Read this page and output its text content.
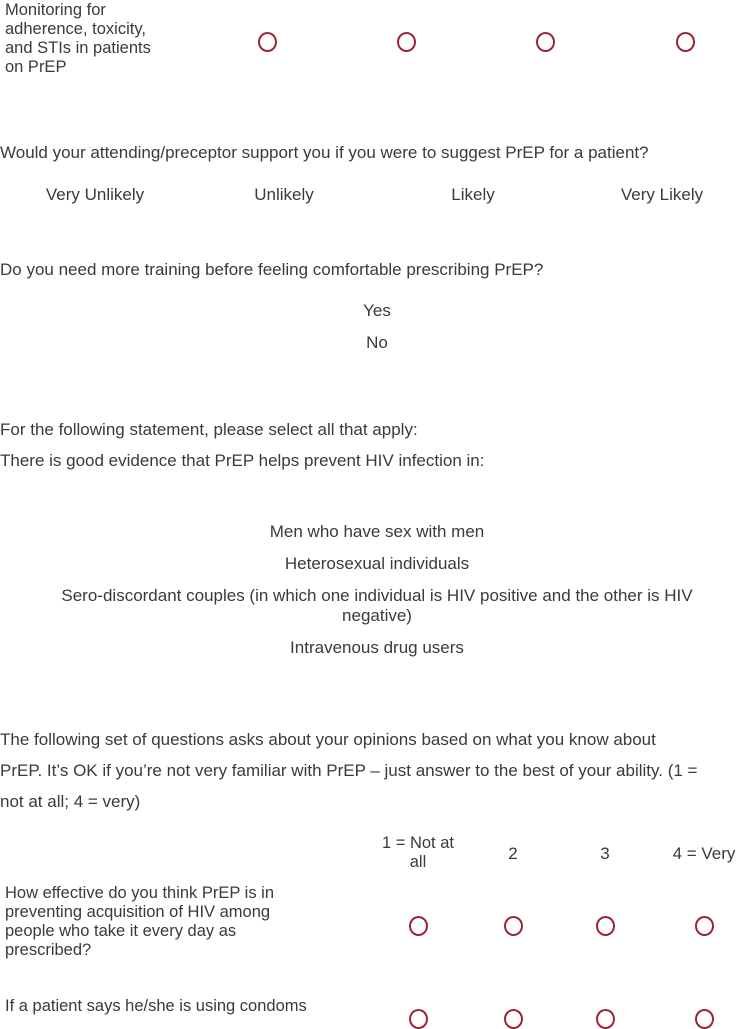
Monitoring for
adherence, toxicity,
and STIs in patients
on PrEP
Would your attending/preceptor support you if you were to suggest PrEP for a patient?
Very Unlikely	Unlikely	Likely	Very Likely
Do you need more training before feeling comfortable prescribing PrEP?
Yes
No
For the following statement, please select all that apply:
There is good evidence that PrEP helps prevent HIV infection in:
Men who have sex with men
Heterosexual individuals
Sero-discordant couples (in which one individual is HIV positive and the other is HIV
negative)
Intravenous drug users
The following set of questions asks about your opinions based on what you know about
PrEP. It’s OK if you’re not very familiar with PrEP – just answer to the best of your ability. (1 =
not at all; 4 = very)
1 = Not at
all	2	3	4 = Very
How effective do you think PrEP is in
preventing acquisition of HIV among
people who take it every day as
prescribed?
If a patient says he/she is using condoms
